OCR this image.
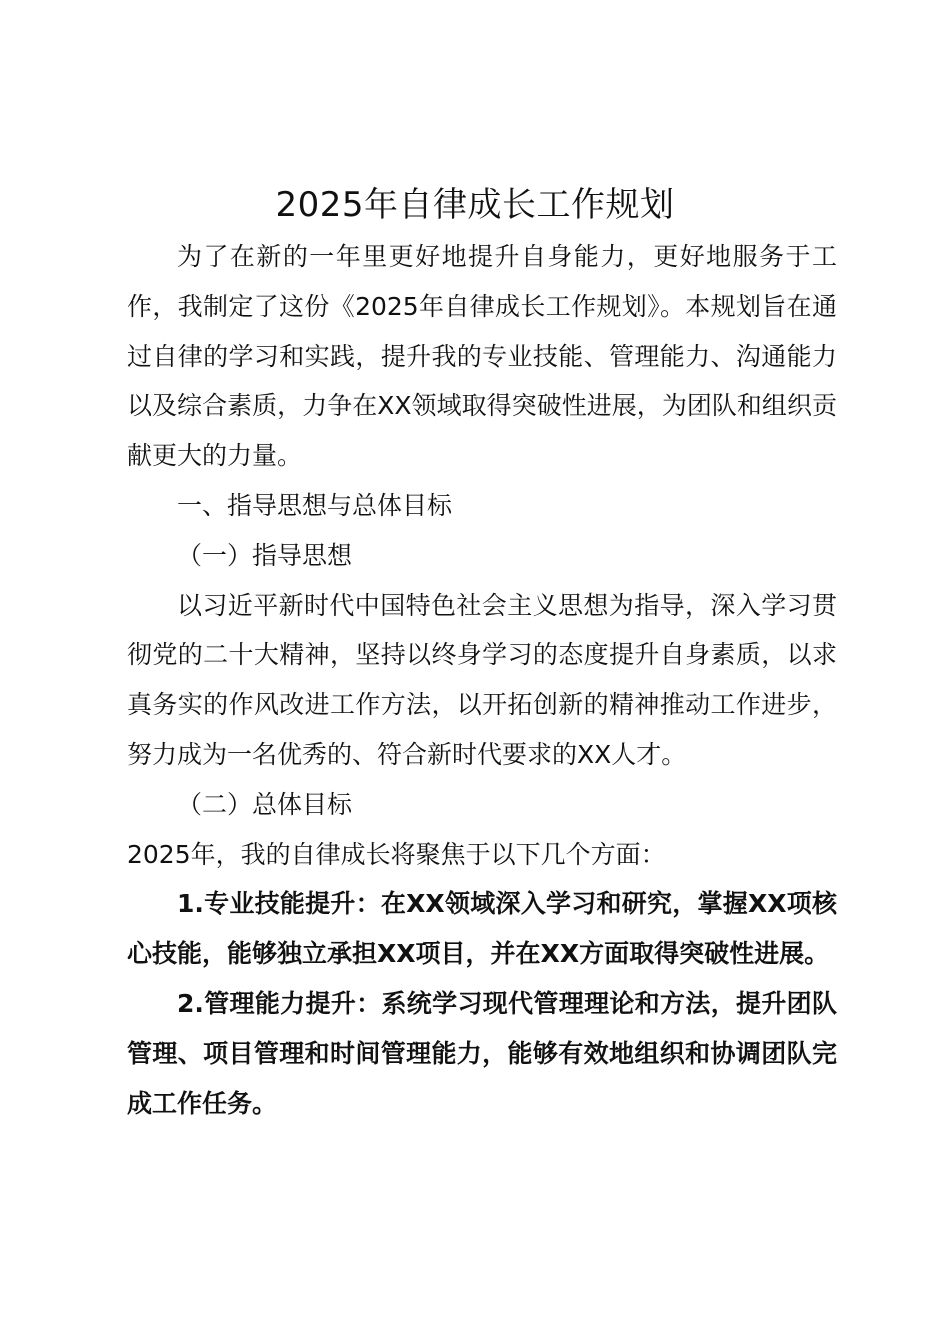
2025年自律成长工作规划

为了在新的一年里更好地提升自身能力，更好地服务于工作，我制定了这份《2025年自律成长工作规划》。本规划旨在通过自律的学习和实践，提升我的专业技能、管理能力、沟通能力以及综合素质，力争在XX领域取得突破性进展，为团队和组织贡献更大的力量。

一、指导思想与总体目标

（一）指导思想

以习近平新时代中国特色社会主义思想为指导，深入学习贯彻党的二十大精神，坚持以终身学习的态度提升自身素质，以求真务实的作风改进工作方法，以开拓创新的精神推动工作进步，努力成为一名优秀的、符合新时代要求的XX人才。

（二）总体目标

2025年，我的自律成长将聚焦于以下几个方面：

1.专业技能提升：在XX领域深入学习和研究，掌握XX项核心技能，能够独立承担XX项目，并在XX方面取得突破性进展。

2.管理能力提升：系统学习现代管理理论和方法，提升团队管理、项目管理和时间管理能力，能够有效地组织和协调团队完成工作任务。
